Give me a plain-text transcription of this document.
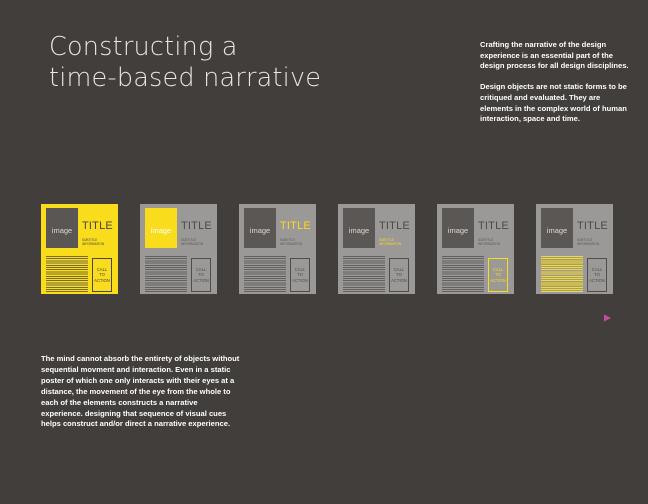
Constructing a
time-based narrative

Crafting the narrative of the design experience is an essential part of the design process for all design disciplines.

Design objects are not static forms to be critiqued and evaluated. They are elements in the complex world of human interaction, space and time.

image TITLE
SUBTITLE INFORMATION
CALL
TO
ACTION
image TITLE
SUBTITLE INFORMATION
CALL
TO
ACTION
image TITLE
SUBTITLE INFORMATION
CALL
TO
ACTION
image TITLE
SUBTITLE INFORMATION
CALL
TO
ACTION
image TITLE
SUBTITLE INFORMATION
CALL
TO
ACTION
image TITLE
SUBTITLE INFORMATION
CALL
TO
ACTION
The mind cannot absorb the entirety of objects without sequential movment and interaction. Even in a static poster of which one only interacts with their eyes at a distance, the movement of the eye from the whole to each of the elements constructs a narrative experience. designing that sequence of visual cues helps construct and/or direct a narrative experience.
